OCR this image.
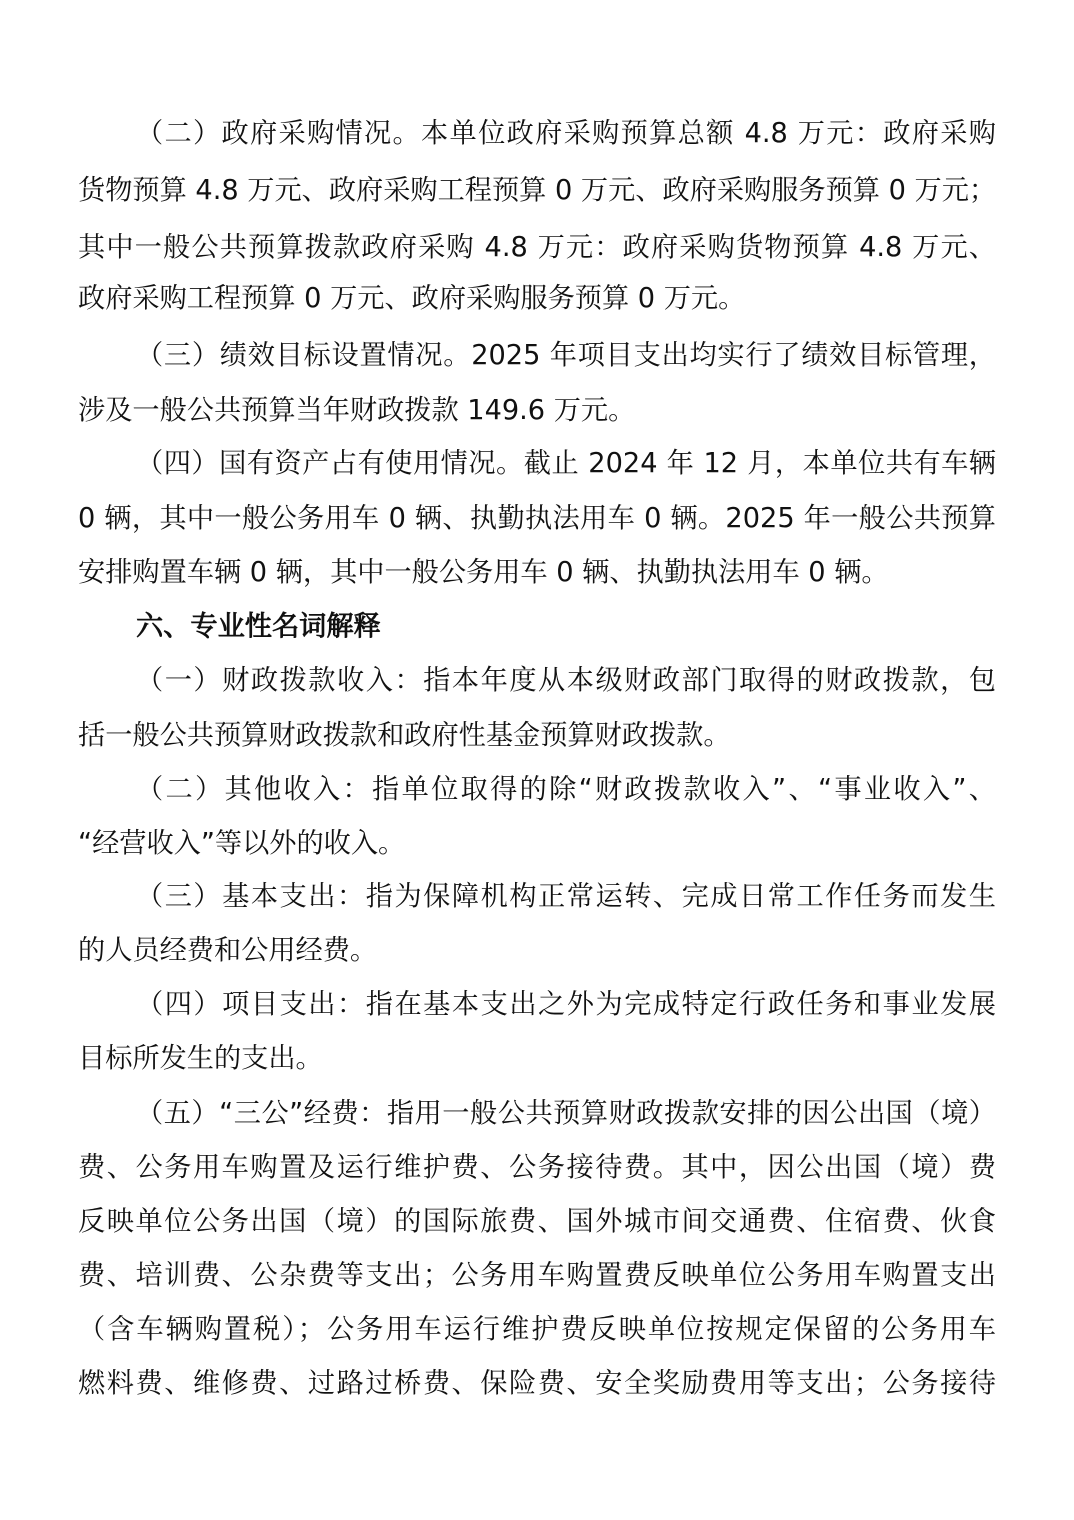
（二）政府采购情况。本单位政府采购预算总额 4.8 万元：政府采购
货物预算 4.8 万元、政府采购工程预算 0 万元、政府采购服务预算 0 万元；
其中一般公共预算拨款政府采购 4.8 万元：政府采购货物预算 4.8 万元、
政府采购工程预算 0 万元、政府采购服务预算 0 万元。
（三）绩效目标设置情况。2025 年项目支出均实行了绩效目标管理，
涉及一般公共预算当年财政拨款 149.6 万元。
（四）国有资产占有使用情况。截止 2024 年 12 月，本单位共有车辆
0 辆，其中一般公务用车 0 辆、执勤执法用车 0 辆。2025 年一般公共预算
安排购置车辆 0 辆，其中一般公务用车 0 辆、执勤执法用车 0 辆。
六、专业性名词解释
（一）财政拨款收入：指本年度从本级财政部门取得的财政拨款，包
括一般公共预算财政拨款和政府性基金预算财政拨款。
（二）其他收入：指单位取得的除“财政拨款收入”、“事业收入”、
“经营收入”等以外的收入。
（三）基本支出：指为保障机构正常运转、完成日常工作任务而发生
的人员经费和公用经费。
（四）项目支出：指在基本支出之外为完成特定行政任务和事业发展
目标所发生的支出。
（五）“三公”经费：指用一般公共预算财政拨款安排的因公出国（境）
费、公务用车购置及运行维护费、公务接待费。其中，因公出国（境）费
反映单位公务出国（境）的国际旅费、国外城市间交通费、住宿费、伙食
费、培训费、公杂费等支出；公务用车购置费反映单位公务用车购置支出
（含车辆购置税）；公务用车运行维护费反映单位按规定保留的公务用车
燃料费、维修费、过路过桥费、保险费、安全奖励费用等支出；公务接待
